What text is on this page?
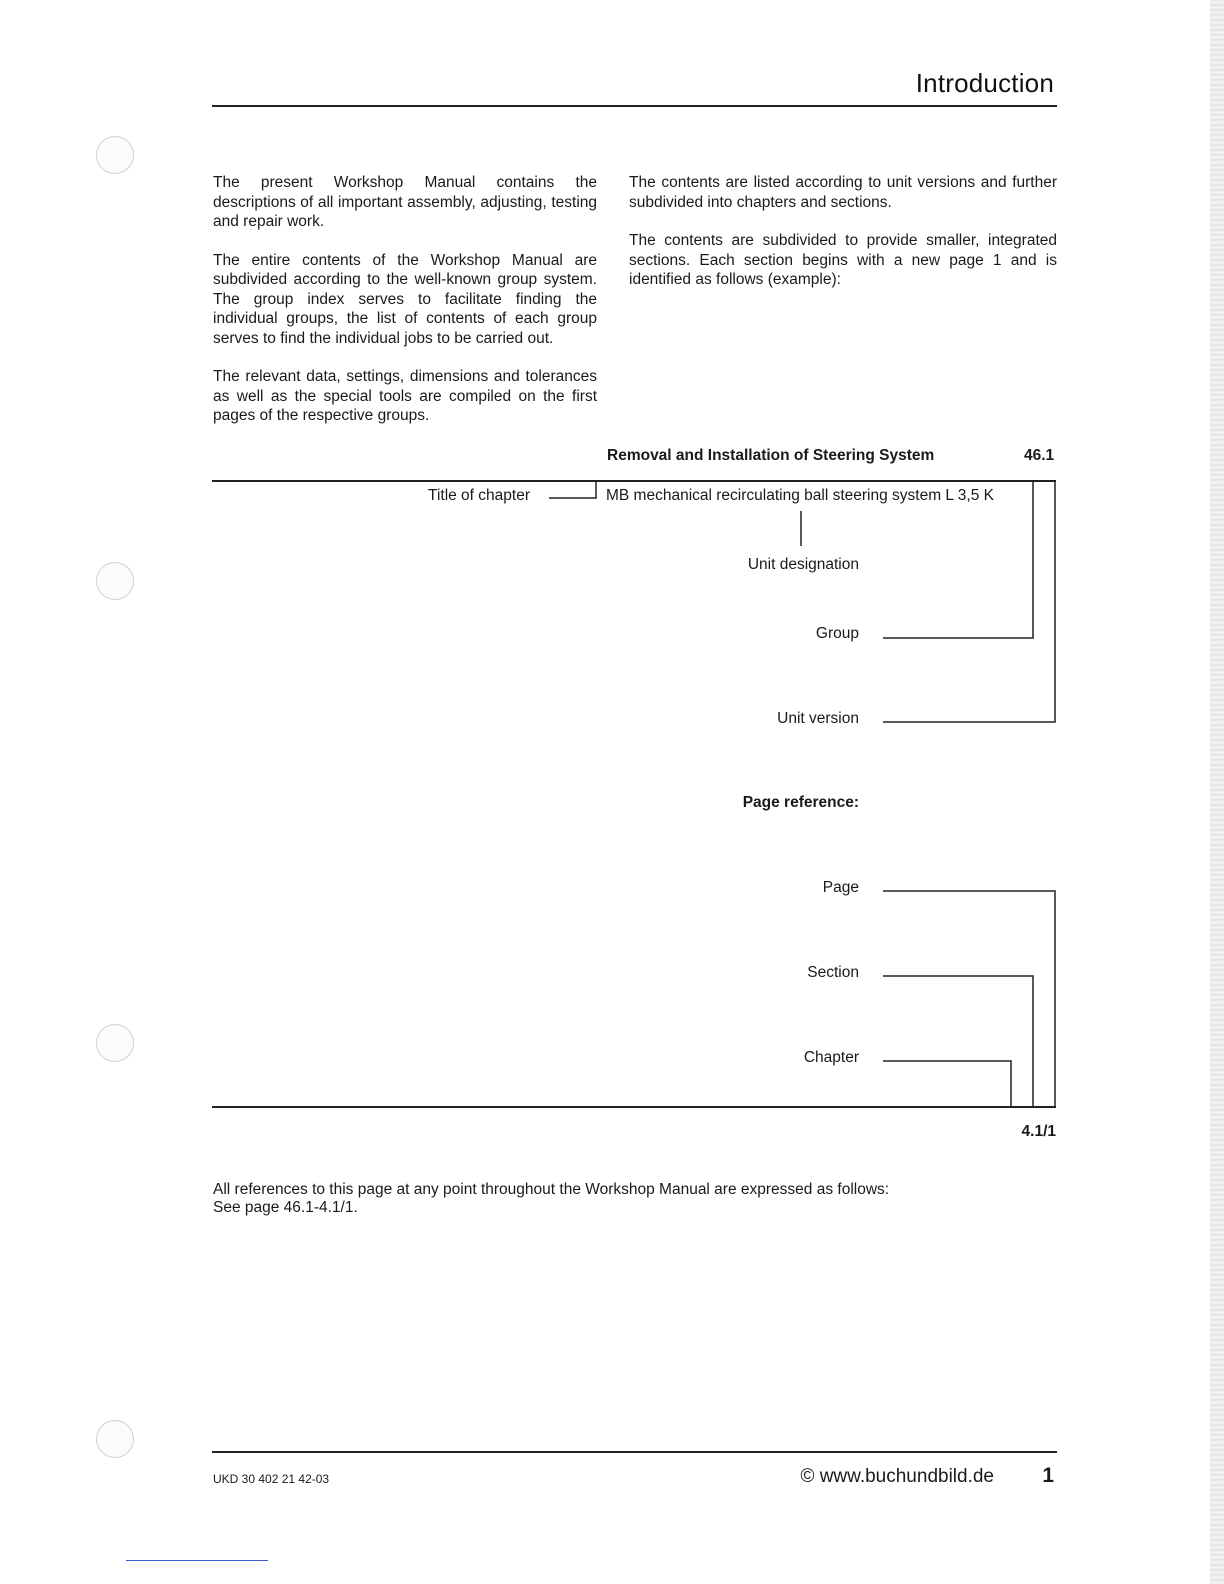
Introduction

The present Workshop Manual contains the descriptions of all important assembly, adjusting, testing and repair work.

The entire contents of the Workshop Manual are subdivided according to the well-known group system. The group index serves to facilitate finding the individual groups, the list of contents of each group serves to find the individual jobs to be carried out.

The relevant data, settings, dimensions and tolerances as well as the special tools are compiled on the first pages of the respective groups.

The contents are listed according to unit versions and further subdivided into chapters and sections.

The contents are subdivided to provide smaller, integrated sections. Each section begins with a new page 1 and is identified as follows (example):

Removal and Installation of Steering System	46.1
Title of chapter	MB mechanical recirculating ball steering system L 3,5 K
Unit designation
Group
Unit version
Page reference:
Page
Section
Chapter
4.1/1
All references to this page at any point throughout the Workshop Manual are expressed as follows:
See page 46.1-4.1/1.
UKD 30 402 21 42-03	© www.buchundbild.de 1
